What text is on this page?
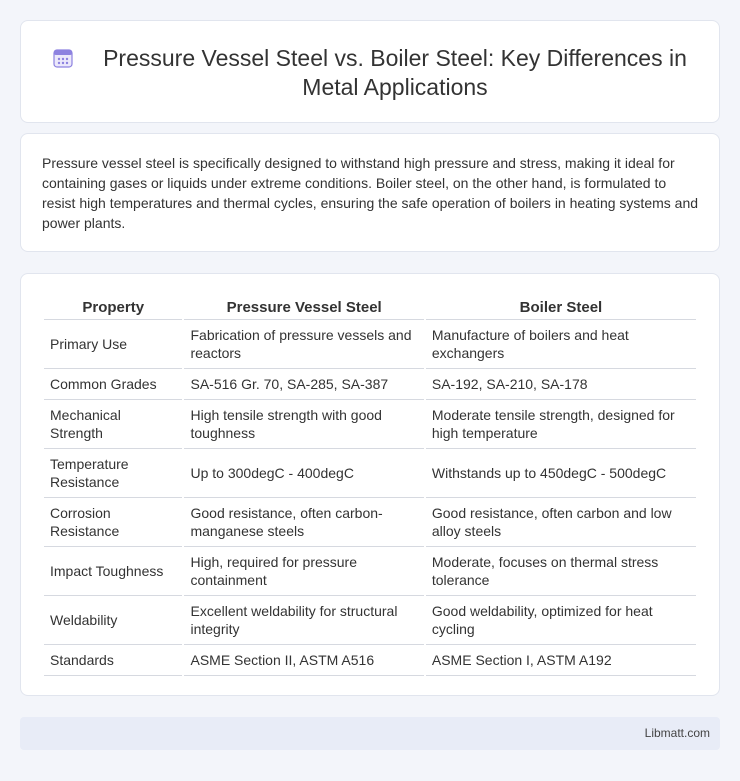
Pressure Vessel Steel vs. Boiler Steel: Key Differences in Metal Applications

Pressure vessel steel is specifically designed to withstand high pressure and stress, making it ideal for containing gases or liquids under extreme conditions. Boiler steel, on the other hand, is formulated to resist high temperatures and thermal cycles, ensuring the safe operation of boilers in heating systems and power plants.

Property	Pressure Vessel Steel	Boiler Steel
Primary Use	Fabrication of pressure vessels and reactors	Manufacture of boilers and heat exchangers
Common Grades	SA-516 Gr. 70, SA-285, SA-387	SA-192, SA-210, SA-178
Mechanical Strength	High tensile strength with good toughness	Moderate tensile strength, designed for high temperature
Temperature Resistance	Up to 300degC - 400degC	Withstands up to 450degC - 500degC
Corrosion Resistance	Good resistance, often carbon-manganese steels	Good resistance, often carbon and low alloy steels
Impact Toughness	High, required for pressure containment	Moderate, focuses on thermal stress tolerance
Weldability	Excellent weldability for structural integrity	Good weldability, optimized for heat cycling
Standards	ASME Section II, ASTM A516	ASME Section I, ASTM A192
Libmatt.com
